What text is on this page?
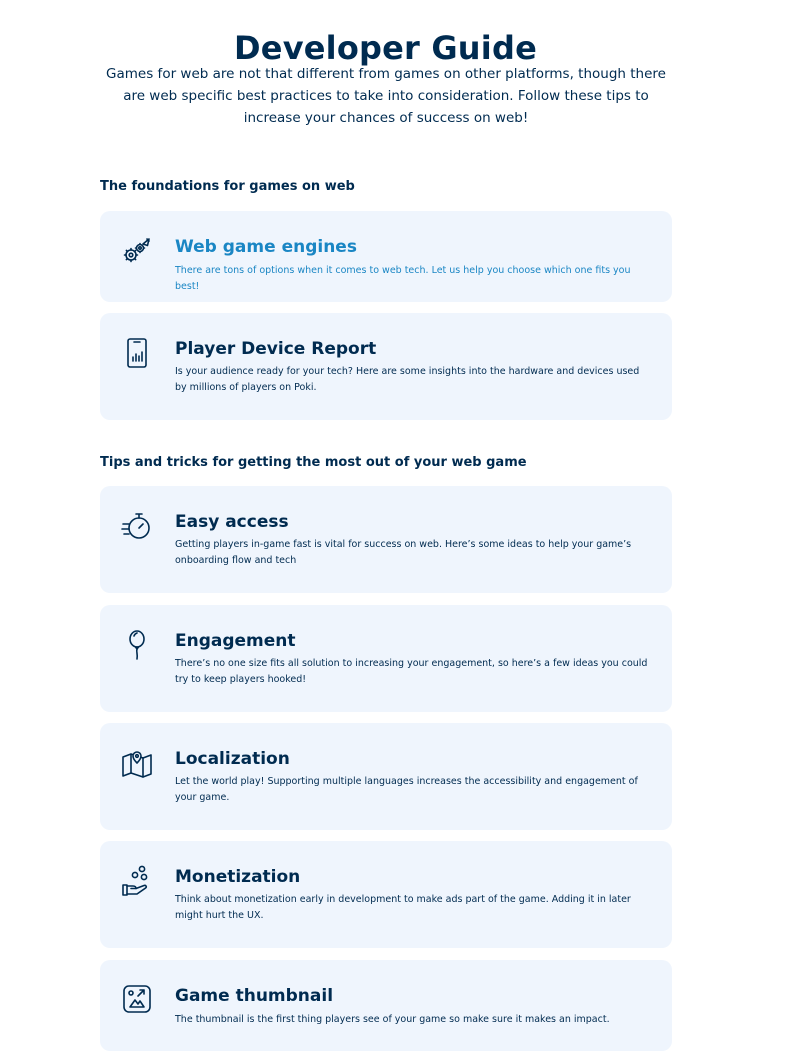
Developer Guide

Games for web are not that different from games on other platforms, though there are web specific best practices to take into consideration. Follow these tips to increase your chances of success on web!

The foundations for games on web
Web game engines
There are tons of options when it comes to web tech. Let us help you choose which one fits you best!
Player Device Report
Is your audience ready for your tech? Here are some insights into the hardware and devices used by millions of players on Poki.
Tips and tricks for getting the most out of your web game
Easy access
Getting players in-game fast is vital for success on web. Here’s some ideas to help your game’s onboarding flow and tech
Engagement
There’s no one size fits all solution to increasing your engagement, so here’s a few ideas you could try to keep players hooked!
Localization
Let the world play! Supporting multiple languages increases the accessibility and engagement of your game.
Monetization
Think about monetization early in development to make ads part of the game. Adding it in later might hurt the UX.
Game thumbnail
The thumbnail is the first thing players see of your game so make sure it makes an impact.
